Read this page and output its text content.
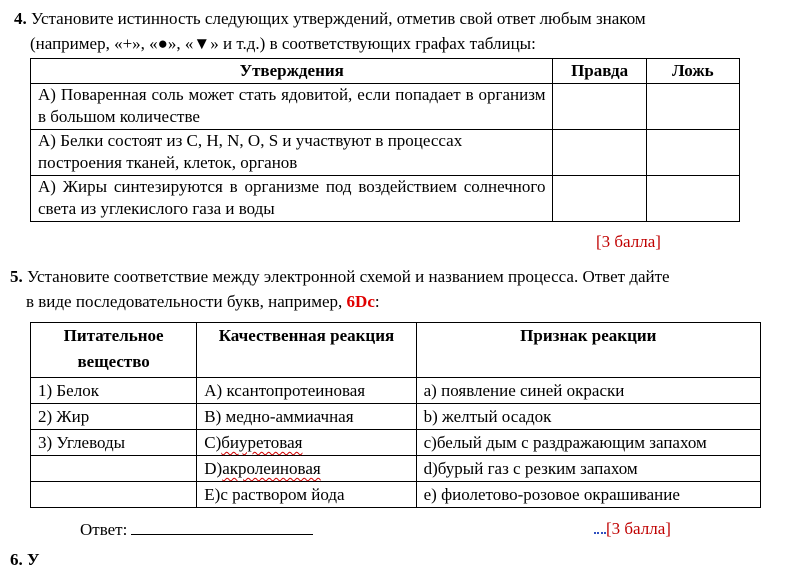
4. Установите истинность следующих утверждений, отметив свой ответ любым знаком
(например, «+», «●», «▼» и т.д.) в соответствующих графах таблицы:
Утверждения	Правда	Ложь
А) Поваренная соль может стать ядовитой, если попадает в организм в большом количестве		
А) Белки состоят из C, H, N, O, S и участвуют в процессах построения тканей, клеток, органов		
А) Жиры синтезируются в организме под воздействием солнечного света из углекислого газа и воды		
[3 балла]
5. Установите соответствие между электронной схемой и названием процесса. Ответ дайте
в виде последовательности букв, например, 6Dc:
Питательное вещество	Качественная реакция	Признак реакции
1) Белок	А) ксантопротеиновая	a) появление синей окраски
2) Жир	В) медно-аммиачная	b) желтый осадок
3) Углеводы	С)биуретовая	c)белый дым с раздражающим запахом
	D)акролеиновая	d)бурый газ с резким запахом
	E)с раствором йода	e) фиолетово-розовое окрашивание
Ответ:	[3 балла]
6. У
